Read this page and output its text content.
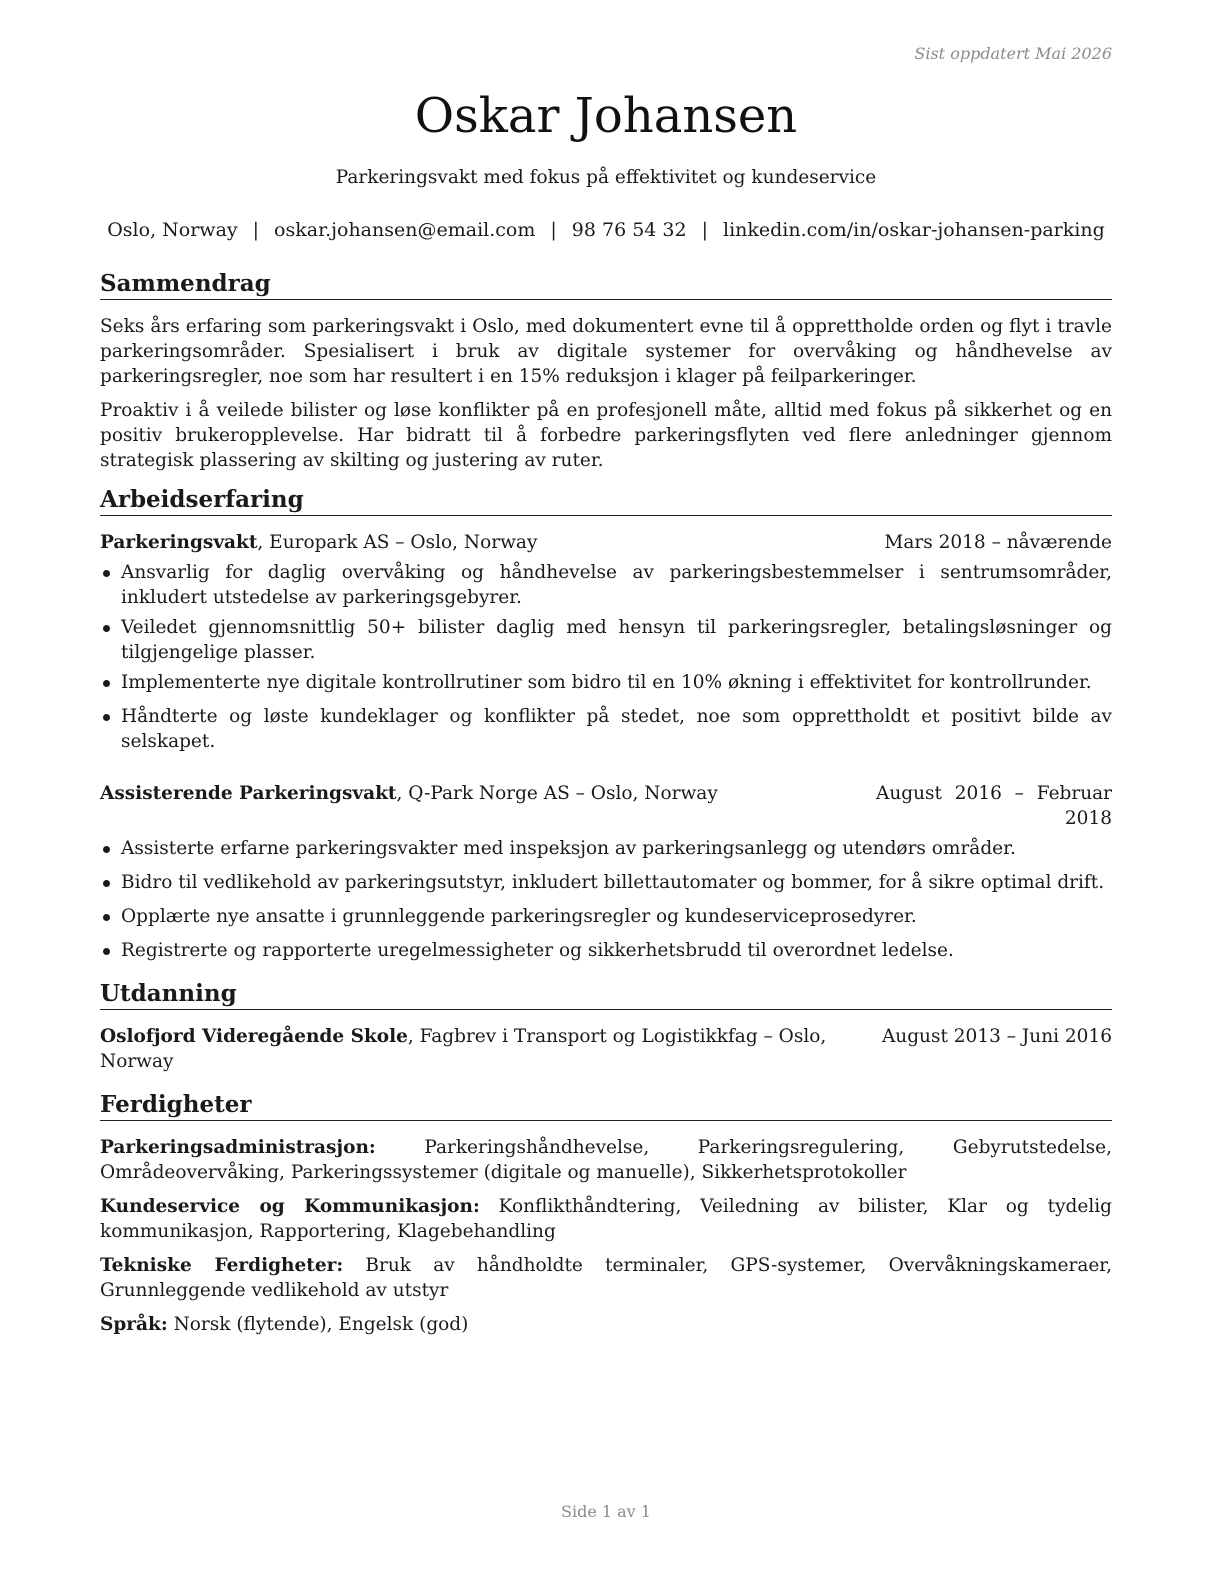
Sist oppdatert Mai 2026
Oskar Johansen
Parkeringsvakt med fokus på effektivitet og kundeservice
Oslo, Norway | oskar.johansen@email.com | 98 76 54 32 | linkedin.com/in/oskar-johansen-parking
Sammendrag

Seks års erfaring som parkeringsvakt i Oslo, med dokumentert evne til å opprettholde orden og flyt i travle parkeringsområder. Spesialisert i bruk av digitale systemer for overvåking og håndhevelse av parkeringsregler, noe som har resultert i en 15% reduksjon i klager på feilparkeringer.

Proaktiv i å veilede bilister og løse konflikter på en profesjonell måte, alltid med fokus på sikkerhet og en positiv brukeropplevelse. Har bidratt til å forbedre parkeringsflyten ved flere anledninger gjennom strategisk plassering av skilting og justering av ruter.

Arbeidserfaring
Parkeringsvakt, Europark AS – Oslo, Norway	Mars 2018 – nåværende
Ansvarlig for daglig overvåking og håndhevelse av parkeringsbestemmelser i sentrumsområder, inkludert utstedelse av parkeringsgebyrer.
Veiledet gjennomsnittlig 50+ bilister daglig med hensyn til parkeringsregler, betalingsløsninger og tilgjengelige plasser.
Implementerte nye digitale kontrollrutiner som bidro til en 10% økning i effektivitet for kontrollrunder.
Håndterte og løste kundeklager og konflikter på stedet, noe som opprettholdt et positivt bilde av selskapet.
Assisterende Parkeringsvakt, Q-Park Norge AS – Oslo, Norway	August 2016 – Februar 2018
Assisterte erfarne parkeringsvakter med inspeksjon av parkeringsanlegg og utendørs områder.
Bidro til vedlikehold av parkeringsutstyr, inkludert billettautomater og bommer, for å sikre optimal drift.
Opplærte nye ansatte i grunnleggende parkeringsregler og kundeserviceprosedyrer.
Registrerte og rapporterte uregelmessigheter og sikkerhetsbrudd til overordnet ledelse.
Utdanning
Oslofjord Videregående Skole, Fagbrev i Transport og Logistikkfag – Oslo, Norway
August 2013 – Juni 2016
Ferdigheter

Parkeringsadministrasjon: Parkeringshåndhevelse, Parkeringsregulering, Gebyrutstedelse, Områdeovervåking, Parkeringssystemer (digitale og manuelle), Sikkerhetsprotokoller

Kundeservice og Kommunikasjon: Konflikthåndtering, Veiledning av bilister, Klar og tydelig kommunikasjon, Rapportering, Klagebehandling

Tekniske Ferdigheter: Bruk av håndholdte terminaler, GPS-systemer, Overvåkningskameraer, Grunnleggende vedlikehold av utstyr

Språk: Norsk (flytende), Engelsk (god)

Side 1 av 1
